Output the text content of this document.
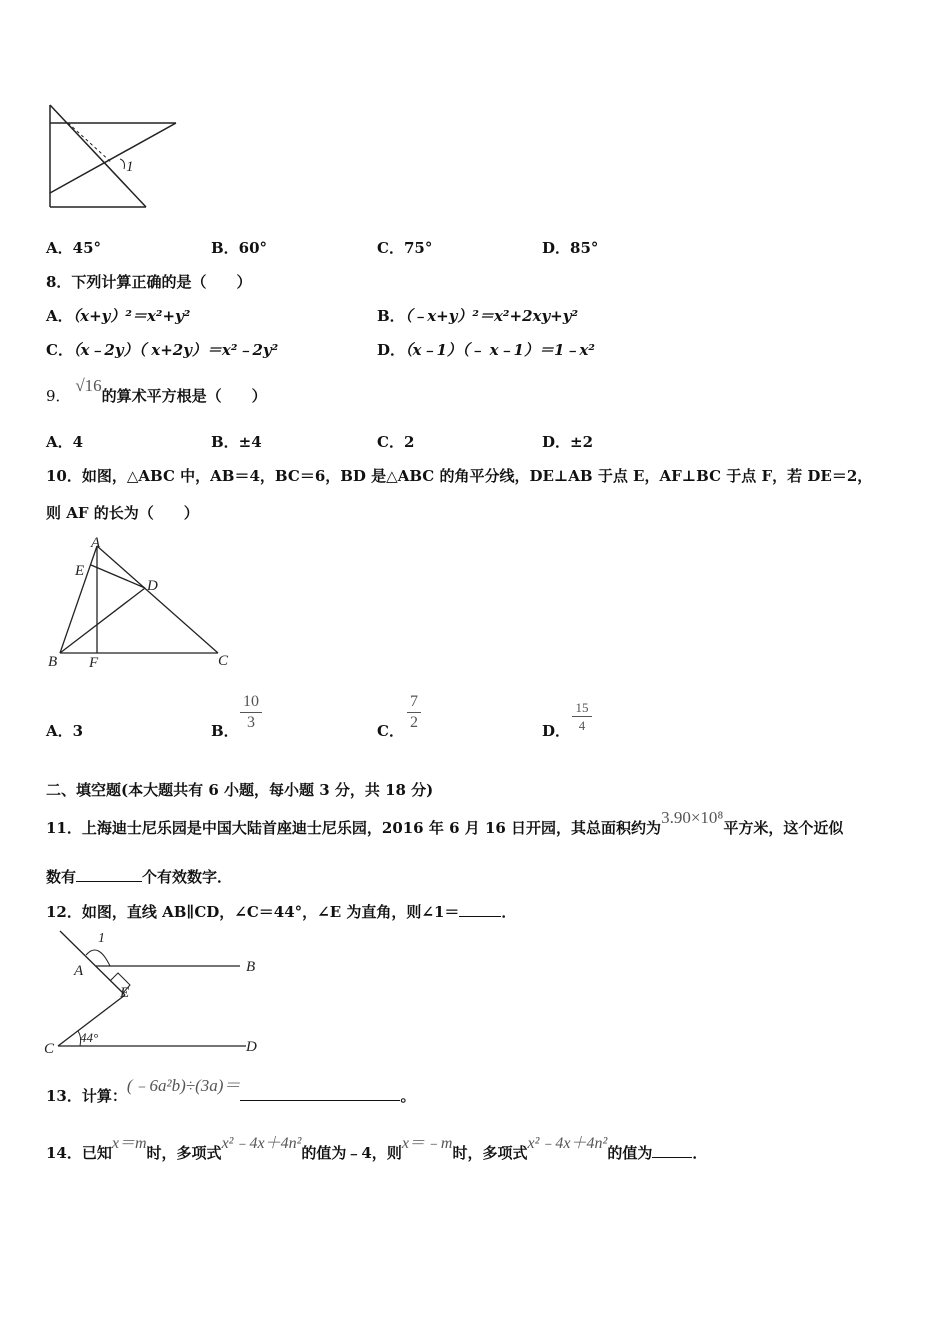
1
A．45°	B．60°	C．75°	D．85°
8．下列计算正确的是（　　）
A．（x+y）²＝x²+y²	B．（﹣x+y）²＝x²+2xy+y²
C．（x﹣2y）（ x+2y）＝x²﹣2y²	D．（x﹣1）（﹣ x﹣1）＝1﹣x²
9． √16的算术平方根是（　　）
A．4	B．±4	C．2	D．±2
10．如图，△ABC 中，AB＝4，BC＝6，BD 是△ABC 的角平分线，DE⊥AB 于点 E，AF⊥BC 于点 F，若 DE＝2，
则 AF 的长为（　　）
A
E
D
B F	C
A．3	B．
10
3	C．
7
2	D．
15
4
二、填空题(本大题共有 6 小题，每小题 3 分，共 18 分)
11．上海迪士尼乐园是中国大陆首座迪士尼乐园，2016 年 6 月 16 日开园，其总面积约为3.90×10⁸平方米，这个近似
数有	个有效数字．
12．如图，直线 AB∥CD，∠C＝44°，∠E 为直角，则∠1＝	．
1
A	B
E
C	D
44°
13．计算：(﹣6a²b)÷(3a)＝。
14．已知x＝m时，多项式x²﹣4x＋4n²的值为﹣4，则x＝﹣m时，多项式x²﹣4x＋4n²的值为	．
